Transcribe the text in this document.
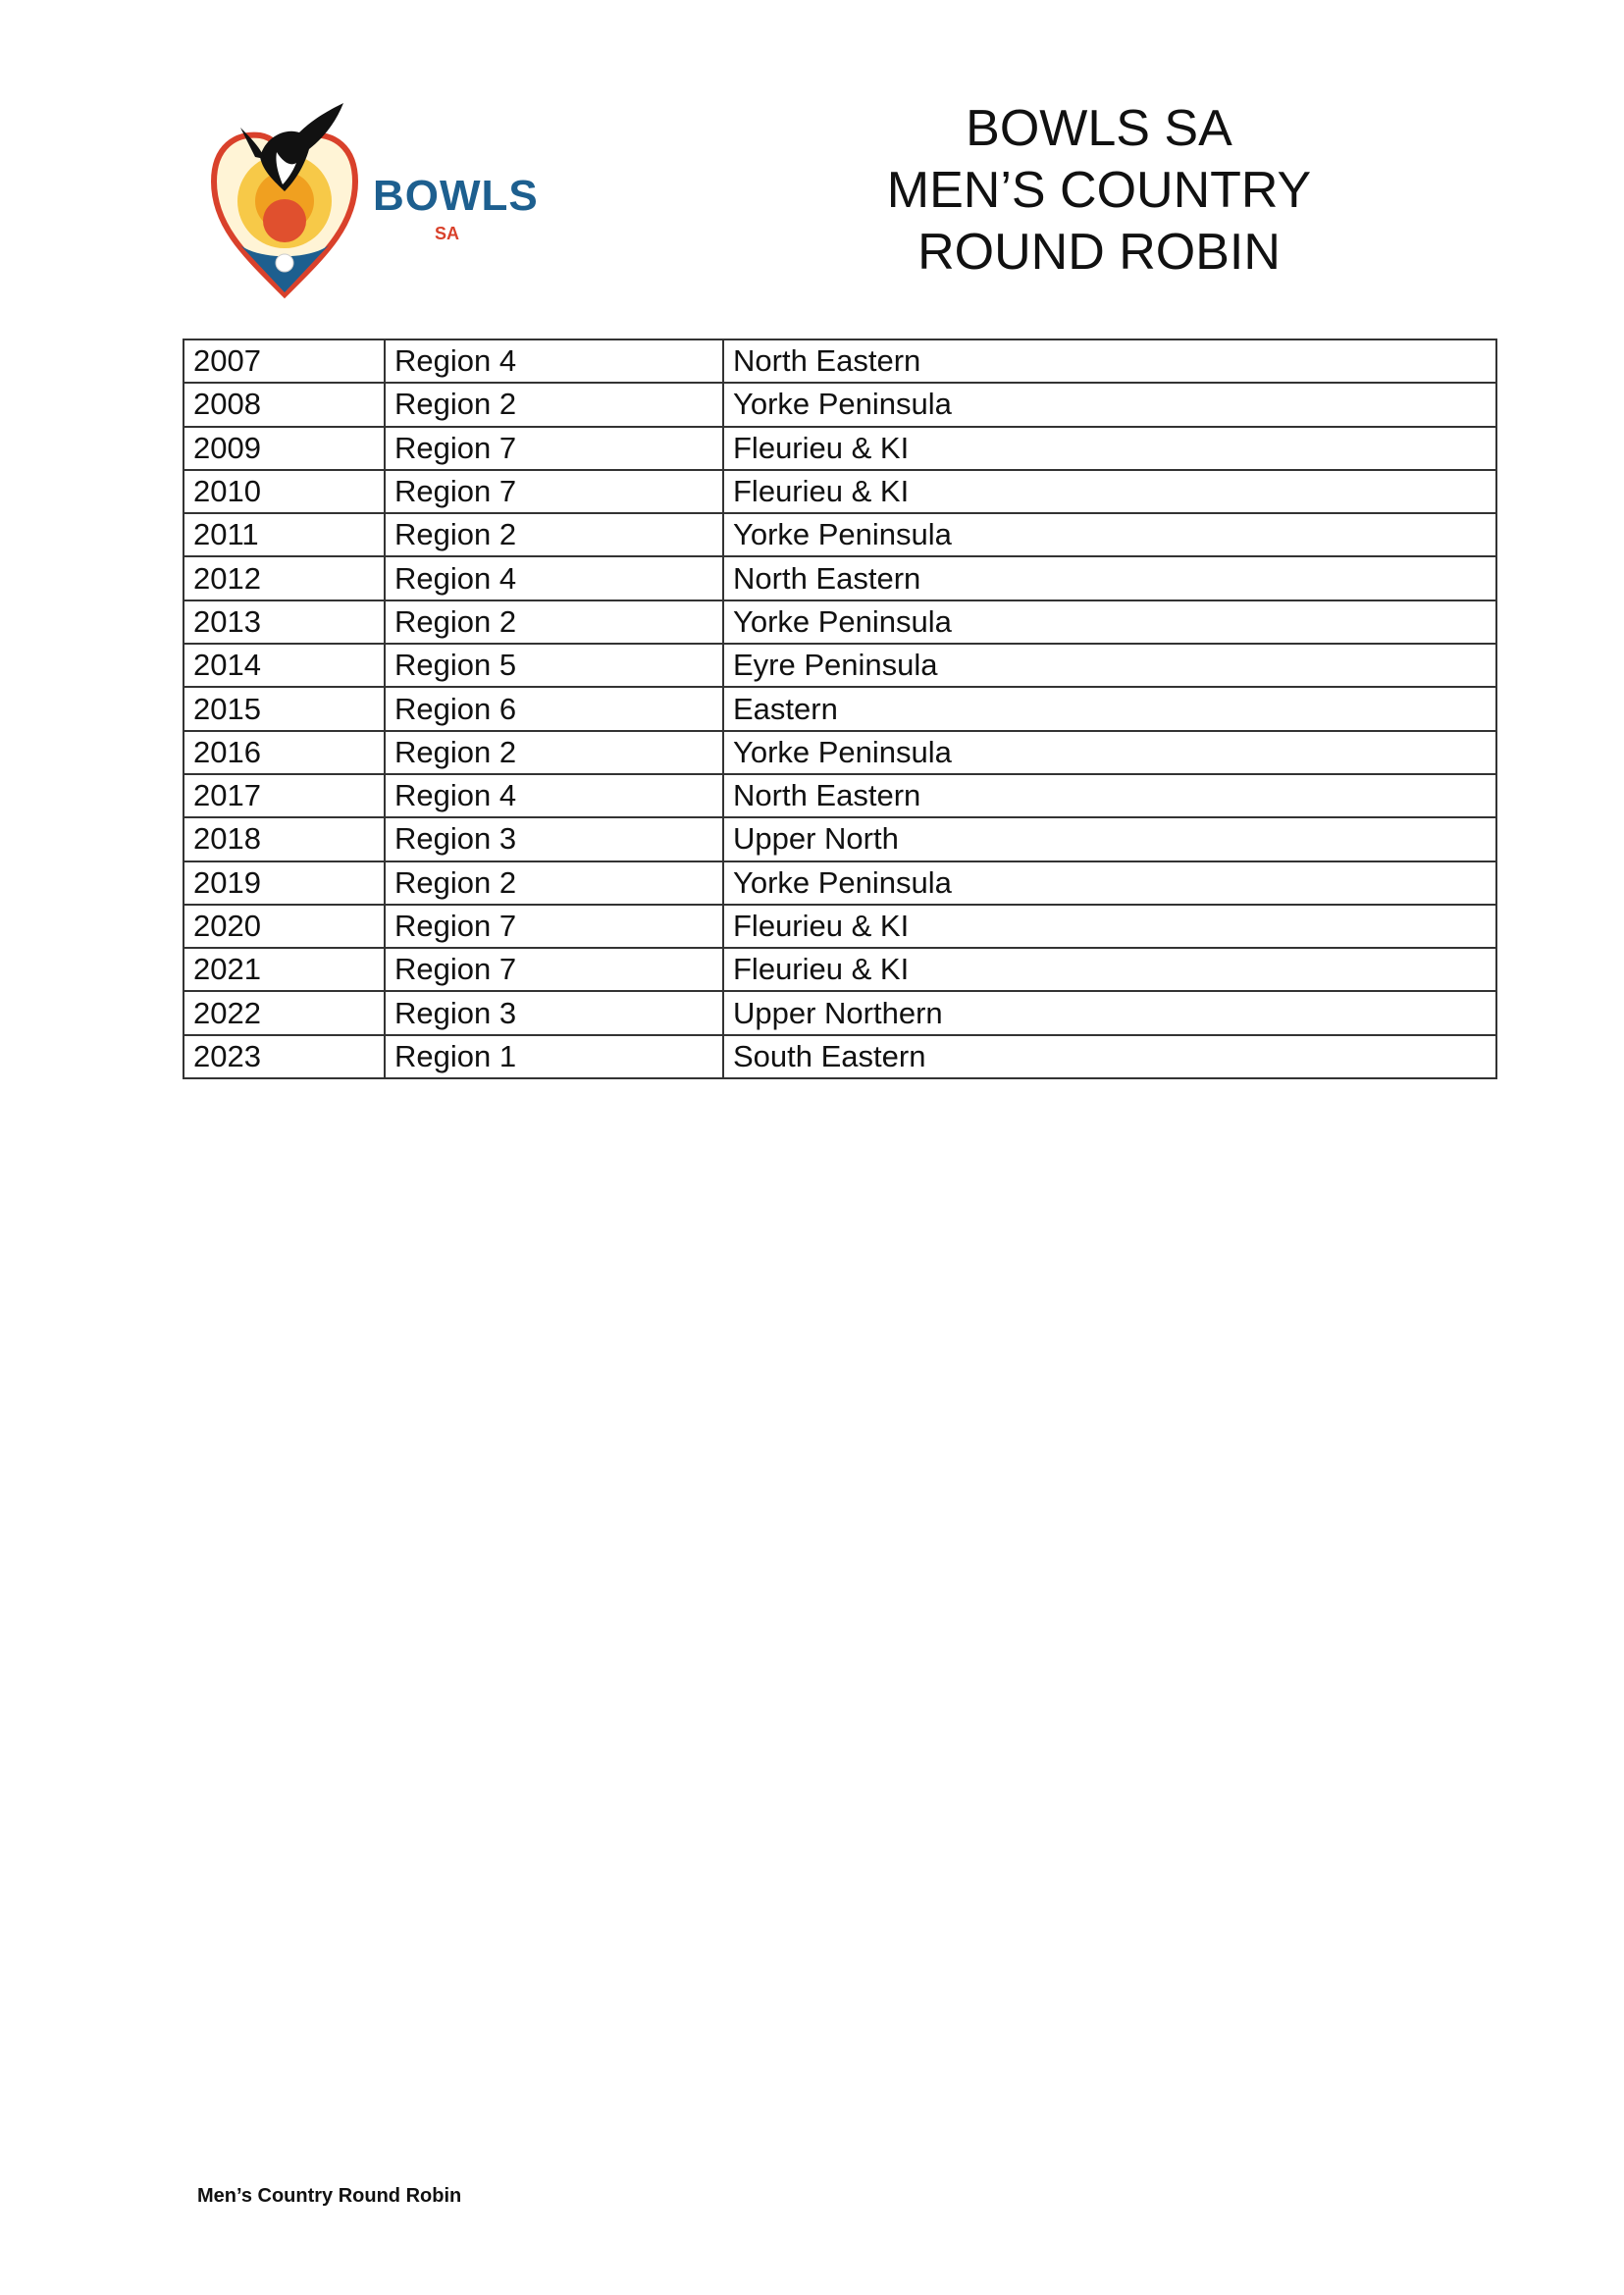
BOWLS
SA
BOWLS SA
MEN’S COUNTRY
ROUND ROBIN
2007	Region 4	North Eastern
2008	Region 2	Yorke Peninsula
2009	Region 7	Fleurieu & KI
2010	Region 7	Fleurieu & KI
2011	Region 2	Yorke Peninsula
2012	Region 4	North Eastern
2013	Region 2	Yorke Peninsula
2014	Region 5	Eyre Peninsula
2015	Region 6	Eastern
2016	Region 2	Yorke Peninsula
2017	Region 4	North Eastern
2018	Region 3	Upper North
2019	Region 2	Yorke Peninsula
2020	Region 7	Fleurieu & KI
2021	Region 7	Fleurieu & KI
2022	Region 3	Upper Northern
2023	Region 1	South Eastern
Men’s Country Round Robin
